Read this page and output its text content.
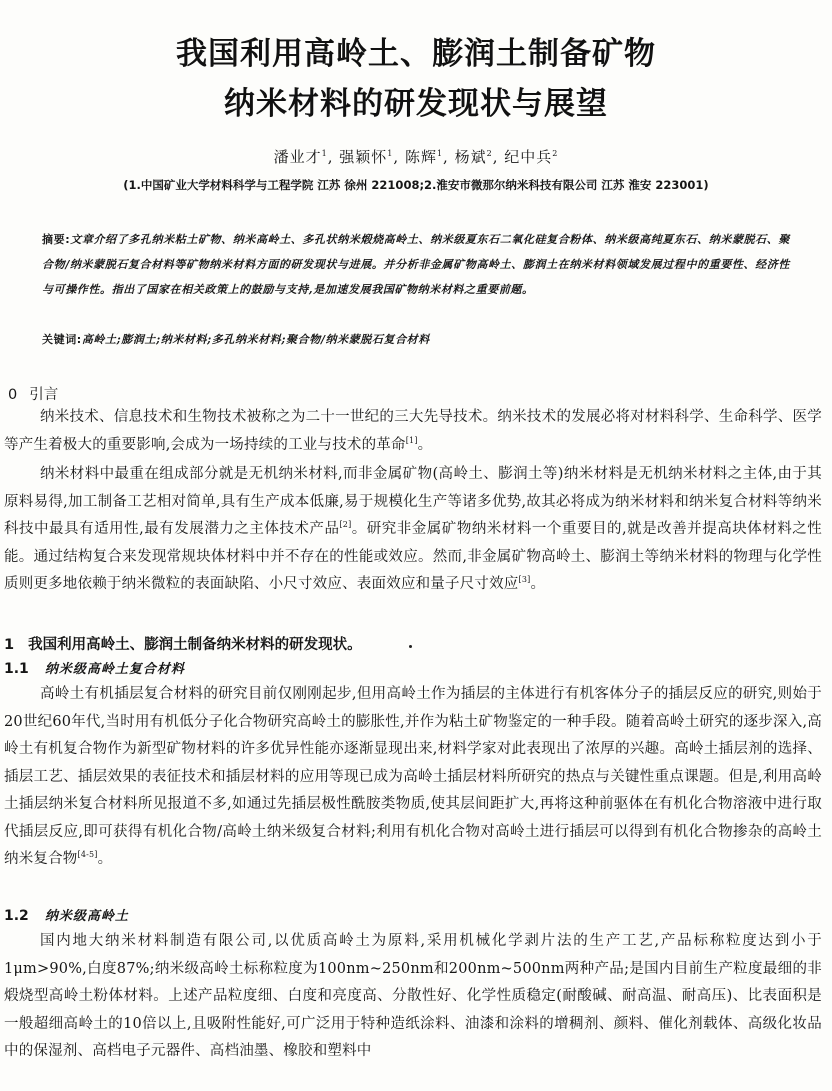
我国利用高岭土、膨润土制备矿物
纳米材料的研发现状与展望
潘业才$^1$, 强颖怀$^1$, 陈辉$^1$, 杨斌$^2$, 纪中兵$^2$
(1.中国矿业大学材料科学与工程学院 江苏 徐州 221008;2.淮安市微那尔纳米科技有限公司 江苏 淮安 223001)
摘要:文章介绍了多孔纳米粘土矿物、纳米高岭土、多孔状纳米煅烧高岭土、纳米级夏东石二氧化硅复合粉体、纳米级高纯夏东石、纳米蒙脱石、聚合物/纳米蒙脱石复合材料等矿物纳米材料方面的研发现状与进展。并分析非金属矿物高岭土、膨润土在纳米材料领域发展过程中的重要性、经济性与可操作性。指出了国家在相关政策上的鼓励与支持,是加速发展我国矿物纳米材料之重要前题。
关键词:高岭土;膨润土;纳米材料;多孔纳米材料;聚合物/纳米蒙脱石复合材料
0 引言
纳米技术、信息技术和生物技术被称之为二十一世纪的三大先导技术。纳米技术的发展必将对材料科学、生命科学、医学等产生着极大的重要影响,会成为一场持续的工业与技术的革命[1]。
纳米材料中最重在组成部分就是无机纳米材料,而非金属矿物(高岭土、膨润土等)纳米材料是无机纳米材料之主体,由于其原料易得,加工制备工艺相对简单,具有生产成本低廉,易于规模化生产等诸多优势,故其必将成为纳米材料和纳米复合材料等纳米科技中最具有适用性,最有发展潜力之主体技术产品[2]。研究非金属矿物纳米材料一个重要目的,就是改善并提高块体材料之性能。通过结构复合来发现常规块体材料中并不存在的性能或效应。然而,非金属矿物高岭土、膨润土等纳米材料的物理与化学性质则更多地依赖于纳米微粒的表面缺陷、小尺寸效应、表面效应和量子尺寸效应[3]。
1 我国利用高岭土、膨润土制备纳米材料的研发现状。
1.1 纳米级高岭土复合材料
高岭土有机插层复合材料的研究目前仅刚刚起步,但用高岭土作为插层的主体进行有机客体分子的插层反应的研究,则始于20世纪60年代,当时用有机低分子化合物研究高岭土的膨胀性,并作为粘土矿物鉴定的一种手段。随着高岭土研究的逐步深入,高岭土有机复合物作为新型矿物材料的许多优异性能亦逐渐显现出来,材料学家对此表现出了浓厚的兴趣。高岭土插层剂的选择、插层工艺、插层效果的表征技术和插层材料的应用等现已成为高岭土插层材料所研究的热点与关键性重点课题。但是,利用高岭土插层纳米复合材料所见报道不多,如通过先插层极性酰胺类物质,使其层间距扩大,再将这种前驱体在有机化合物溶液中进行取代插层反应,即可获得有机化合物/高岭土纳米级复合材料;利用有机化合物对高岭土进行插层可以得到有机化合物掺杂的高岭土纳米复合物[4-5]。
1.2 纳米级高岭土
国内地大纳米材料制造有限公司,以优质高岭土为原料,采用机械化学剥片法的生产工艺,产品标称粒度达到小于1μm>90%,白度87%;纳米级高岭土标称粒度为100nm~250nm和200nm~500nm两种产品;是国内目前生产粒度最细的非煅烧型高岭土粉体材料。上述产品粒度细、白度和亮度高、分散性好、化学性质稳定(耐酸碱、耐高温、耐高压)、比表面积是一般超细高岭土的10倍以上,且吸附性能好,可广泛用于特种造纸涂料、油漆和涂料的增稠剂、颜料、催化剂载体、高级化妆品中的保湿剂、高档电子元器件、高档油墨、橡胶和塑料中
